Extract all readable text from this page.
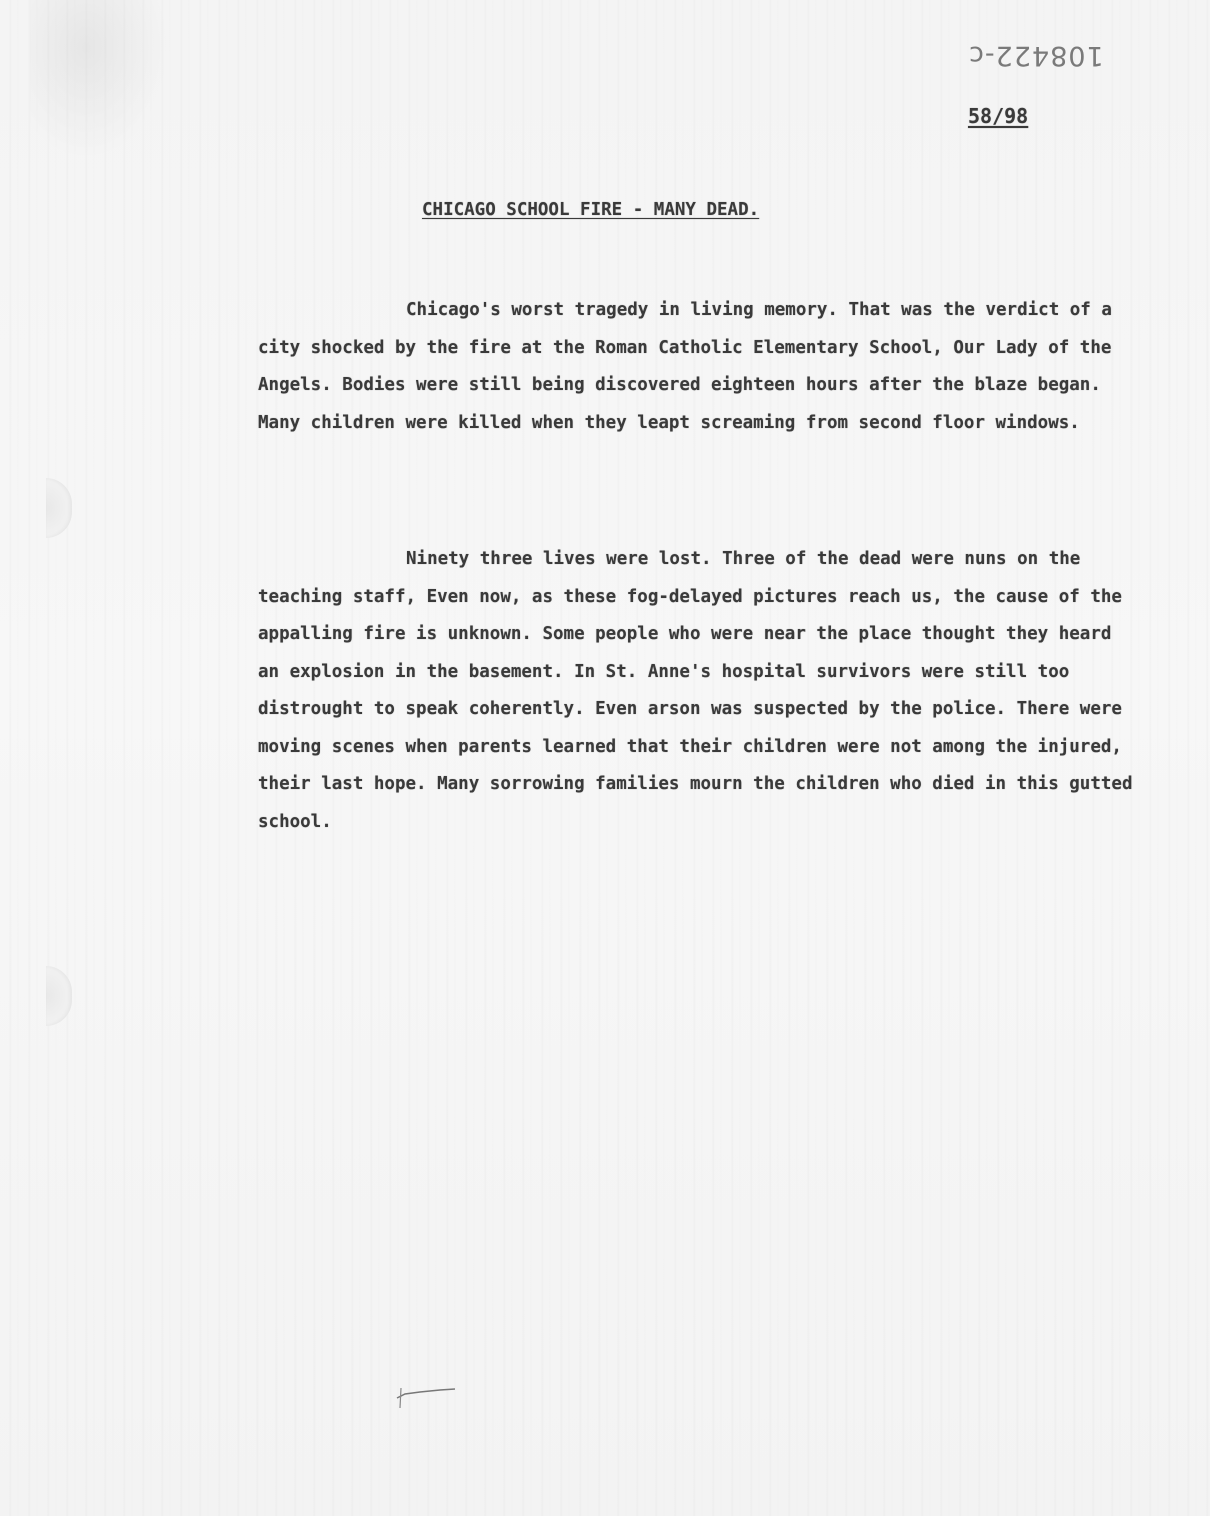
108422-c
58/98
CHICAGO SCHOOL FIRE - MANY DEAD.

Chicago's worst tragedy in living memory. That was the verdict of a city shocked by the fire at the Roman Catholic Elementary School, Our Lady of the Angels. Bodies were still being discovered eighteen hours after the blaze began. Many children were killed when they leapt screaming from second floor windows.

Ninety three lives were lost. Three of the dead were nuns on the teaching staff, Even now, as these fog-delayed pictures reach us, the cause of the appalling fire is unknown. Some people who were near the place thought they heard an explosion in the basement. In St. Anne's hospital survivors were still too distrought to speak coherently. Even arson was suspected by the police. There were moving scenes when parents learned that their children were not among the injured, their last hope. Many sorrowing families mourn the children who died in this gutted school.
